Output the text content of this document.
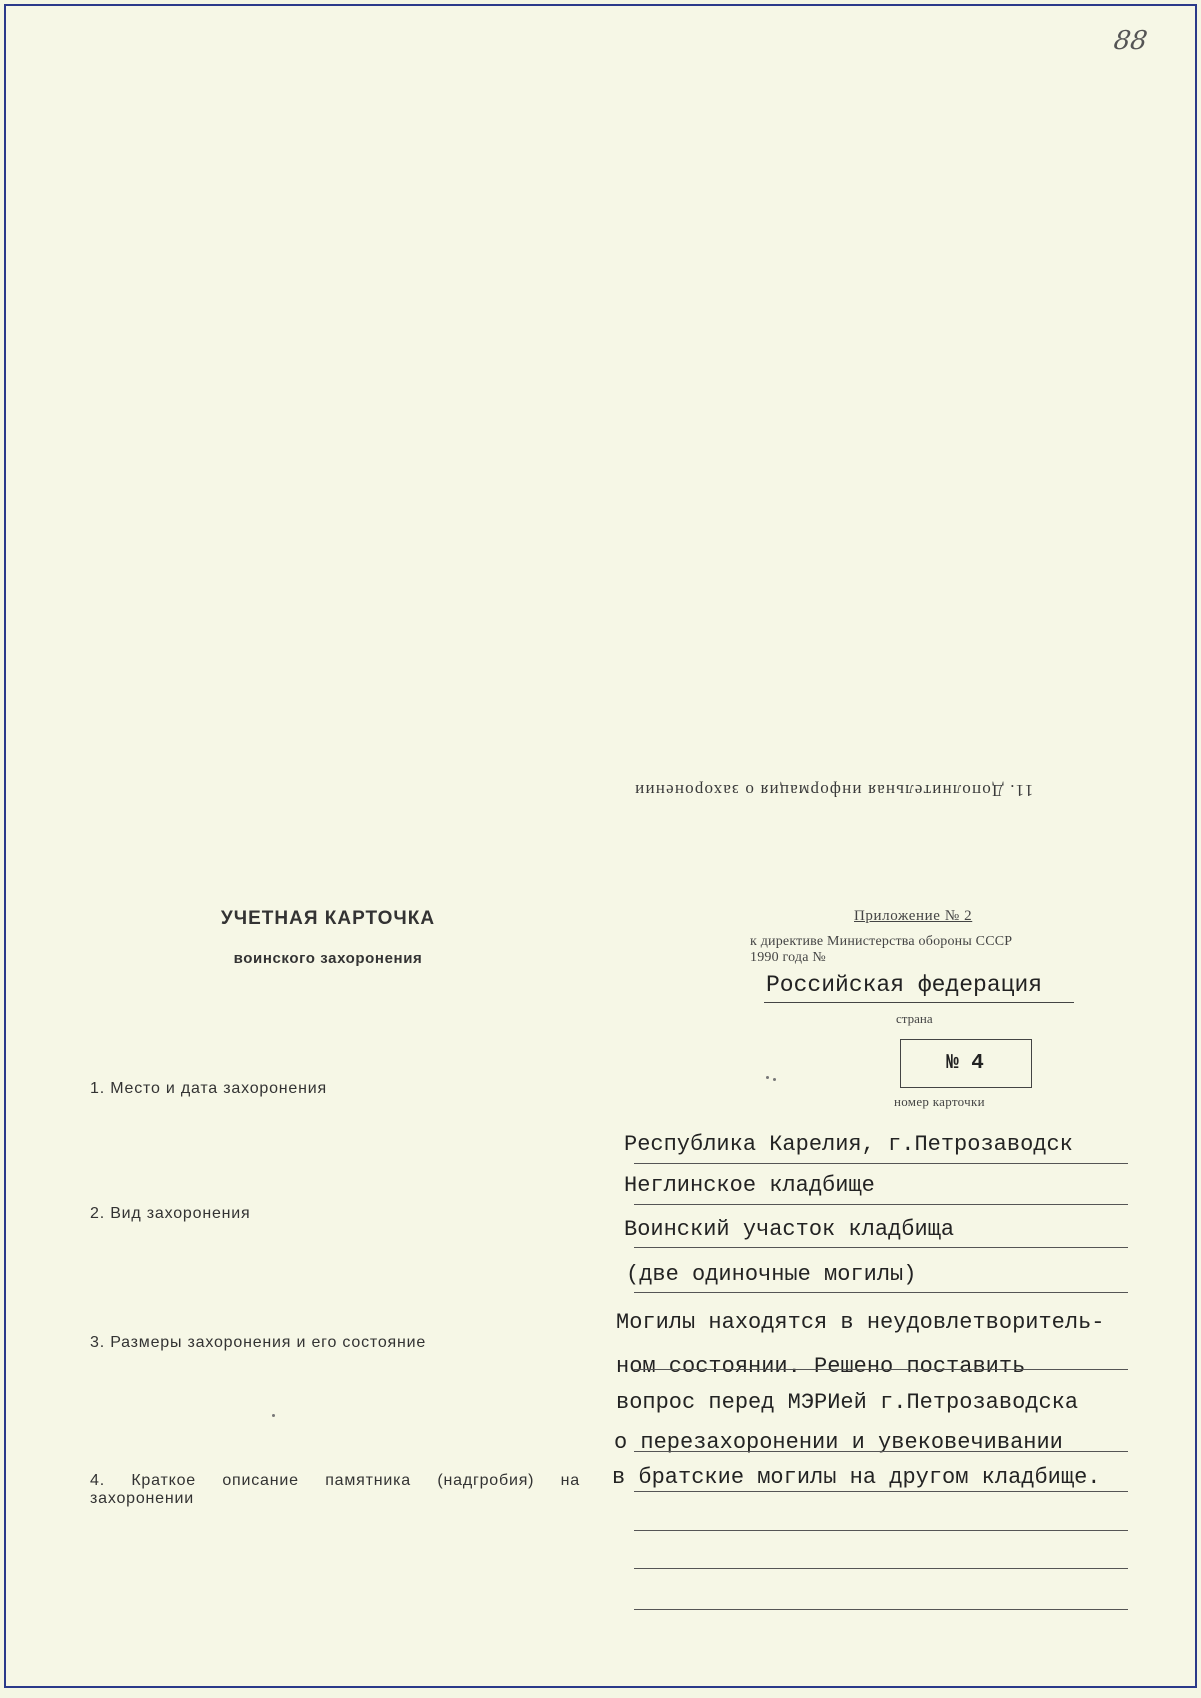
88
11. Дополнительная информация о захоронении
УЧЕТНАЯ КАРТОЧКА
воинского захоронения
Приложение № 2
к директиве Министерства обороны СССР
1990 года №
Российская федерация
страна
№ 4
номер карточки
1. Место и дата захоронения
2. Вид захоронения
3. Размеры захоронения и его состояние
4. Краткое описание памятника (надгробия) на
захоронении
Республика Карелия, г.Петрозаводск
Неглинское кладбище
Воинский участок кладбища
(две одиночные могилы)
Могилы находятся в неудовлетворитель-
ном состоянии. Решено поставить
вопрос перед МЭРИей г.Петрозаводска
о перезахоронении и увековечивании
в братские могилы на другом кладбище.
